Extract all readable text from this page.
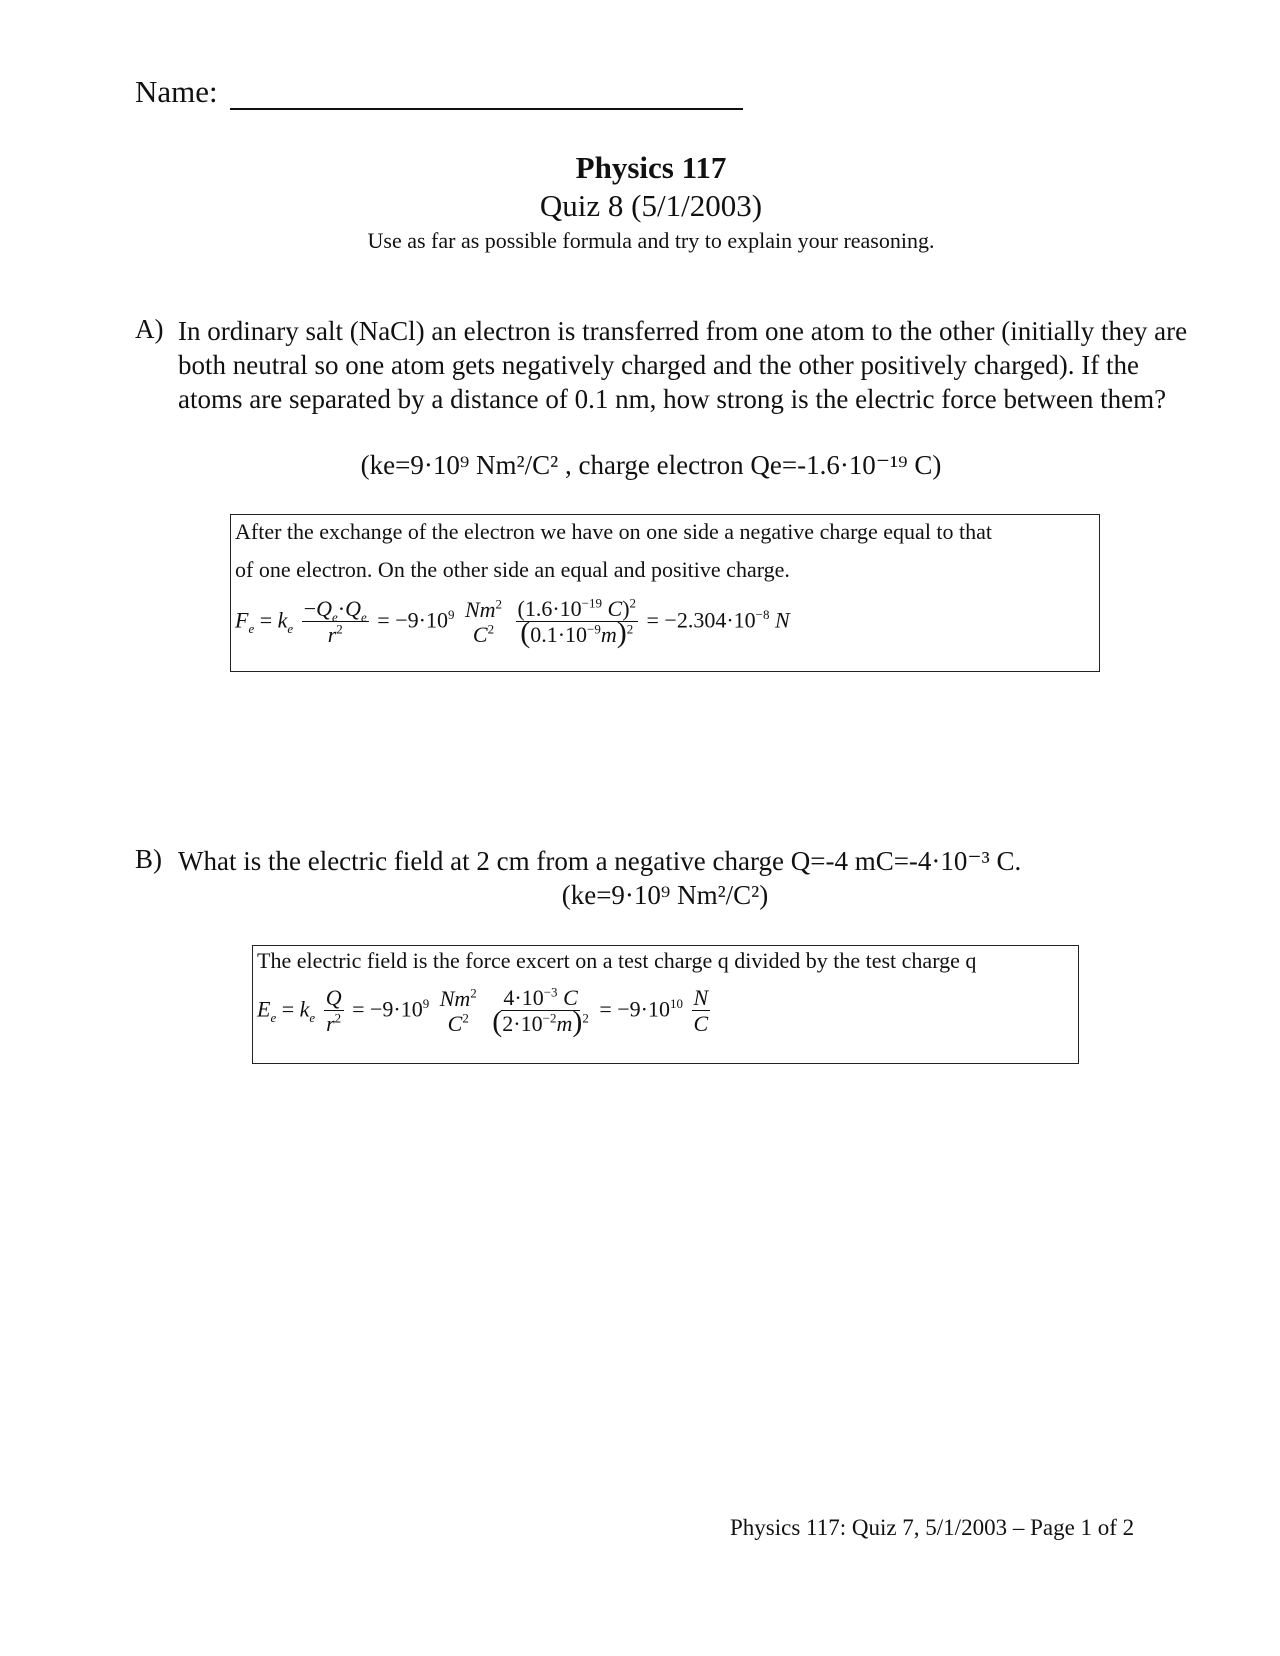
Name:
Physics 117
Quiz 8 (5/1/2003)
Use as far as possible formula and try to explain your reasoning.
A) In ordinary salt (NaCl) an electron is transferred from one atom to the other (initially they are both neutral so one atom gets negatively charged and the other positively charged). If the atoms are separated by a distance of 0.1 nm, how strong is the electric force between them?
(ke=9·10⁹ Nm²/C² , charge electron Qe=-1.6·10⁻¹⁹ C)
After the exchange of the electron we have on one side a negative charge equal to that
of one electron. On the other side an equal and positive charge.
$F_e = k_e \frac{-Q_e\cdot Q_e}{r^2} = -9\cdot 10^9$ Nm$^2$
$C^2$
$\frac{(1.6\cdot 10^{-19} C)^2}{(0.1\cdot 10^{-9}m)^2} = -2.304\cdot 10^{-8}$ N
B) What is the electric field at 2 cm from a negative charge Q=-4 mC=-4·10⁻³ C.
(ke=9·10⁹ Nm²/C²)
The electric field is the force excert on a test charge q divided by the test charge q
$E_e = k_e \frac{Q}{r^2} = -9\cdot 10^9$ Nm$^2$
$C^2$
$\frac{4\cdot 10^{-3} C}{(2\cdot 10^{-2}m)^2} = -9\cdot 10^{10} \frac{N}{C}$
Physics 117: Quiz 7, 5/1/2003 – Page 1 of 2
